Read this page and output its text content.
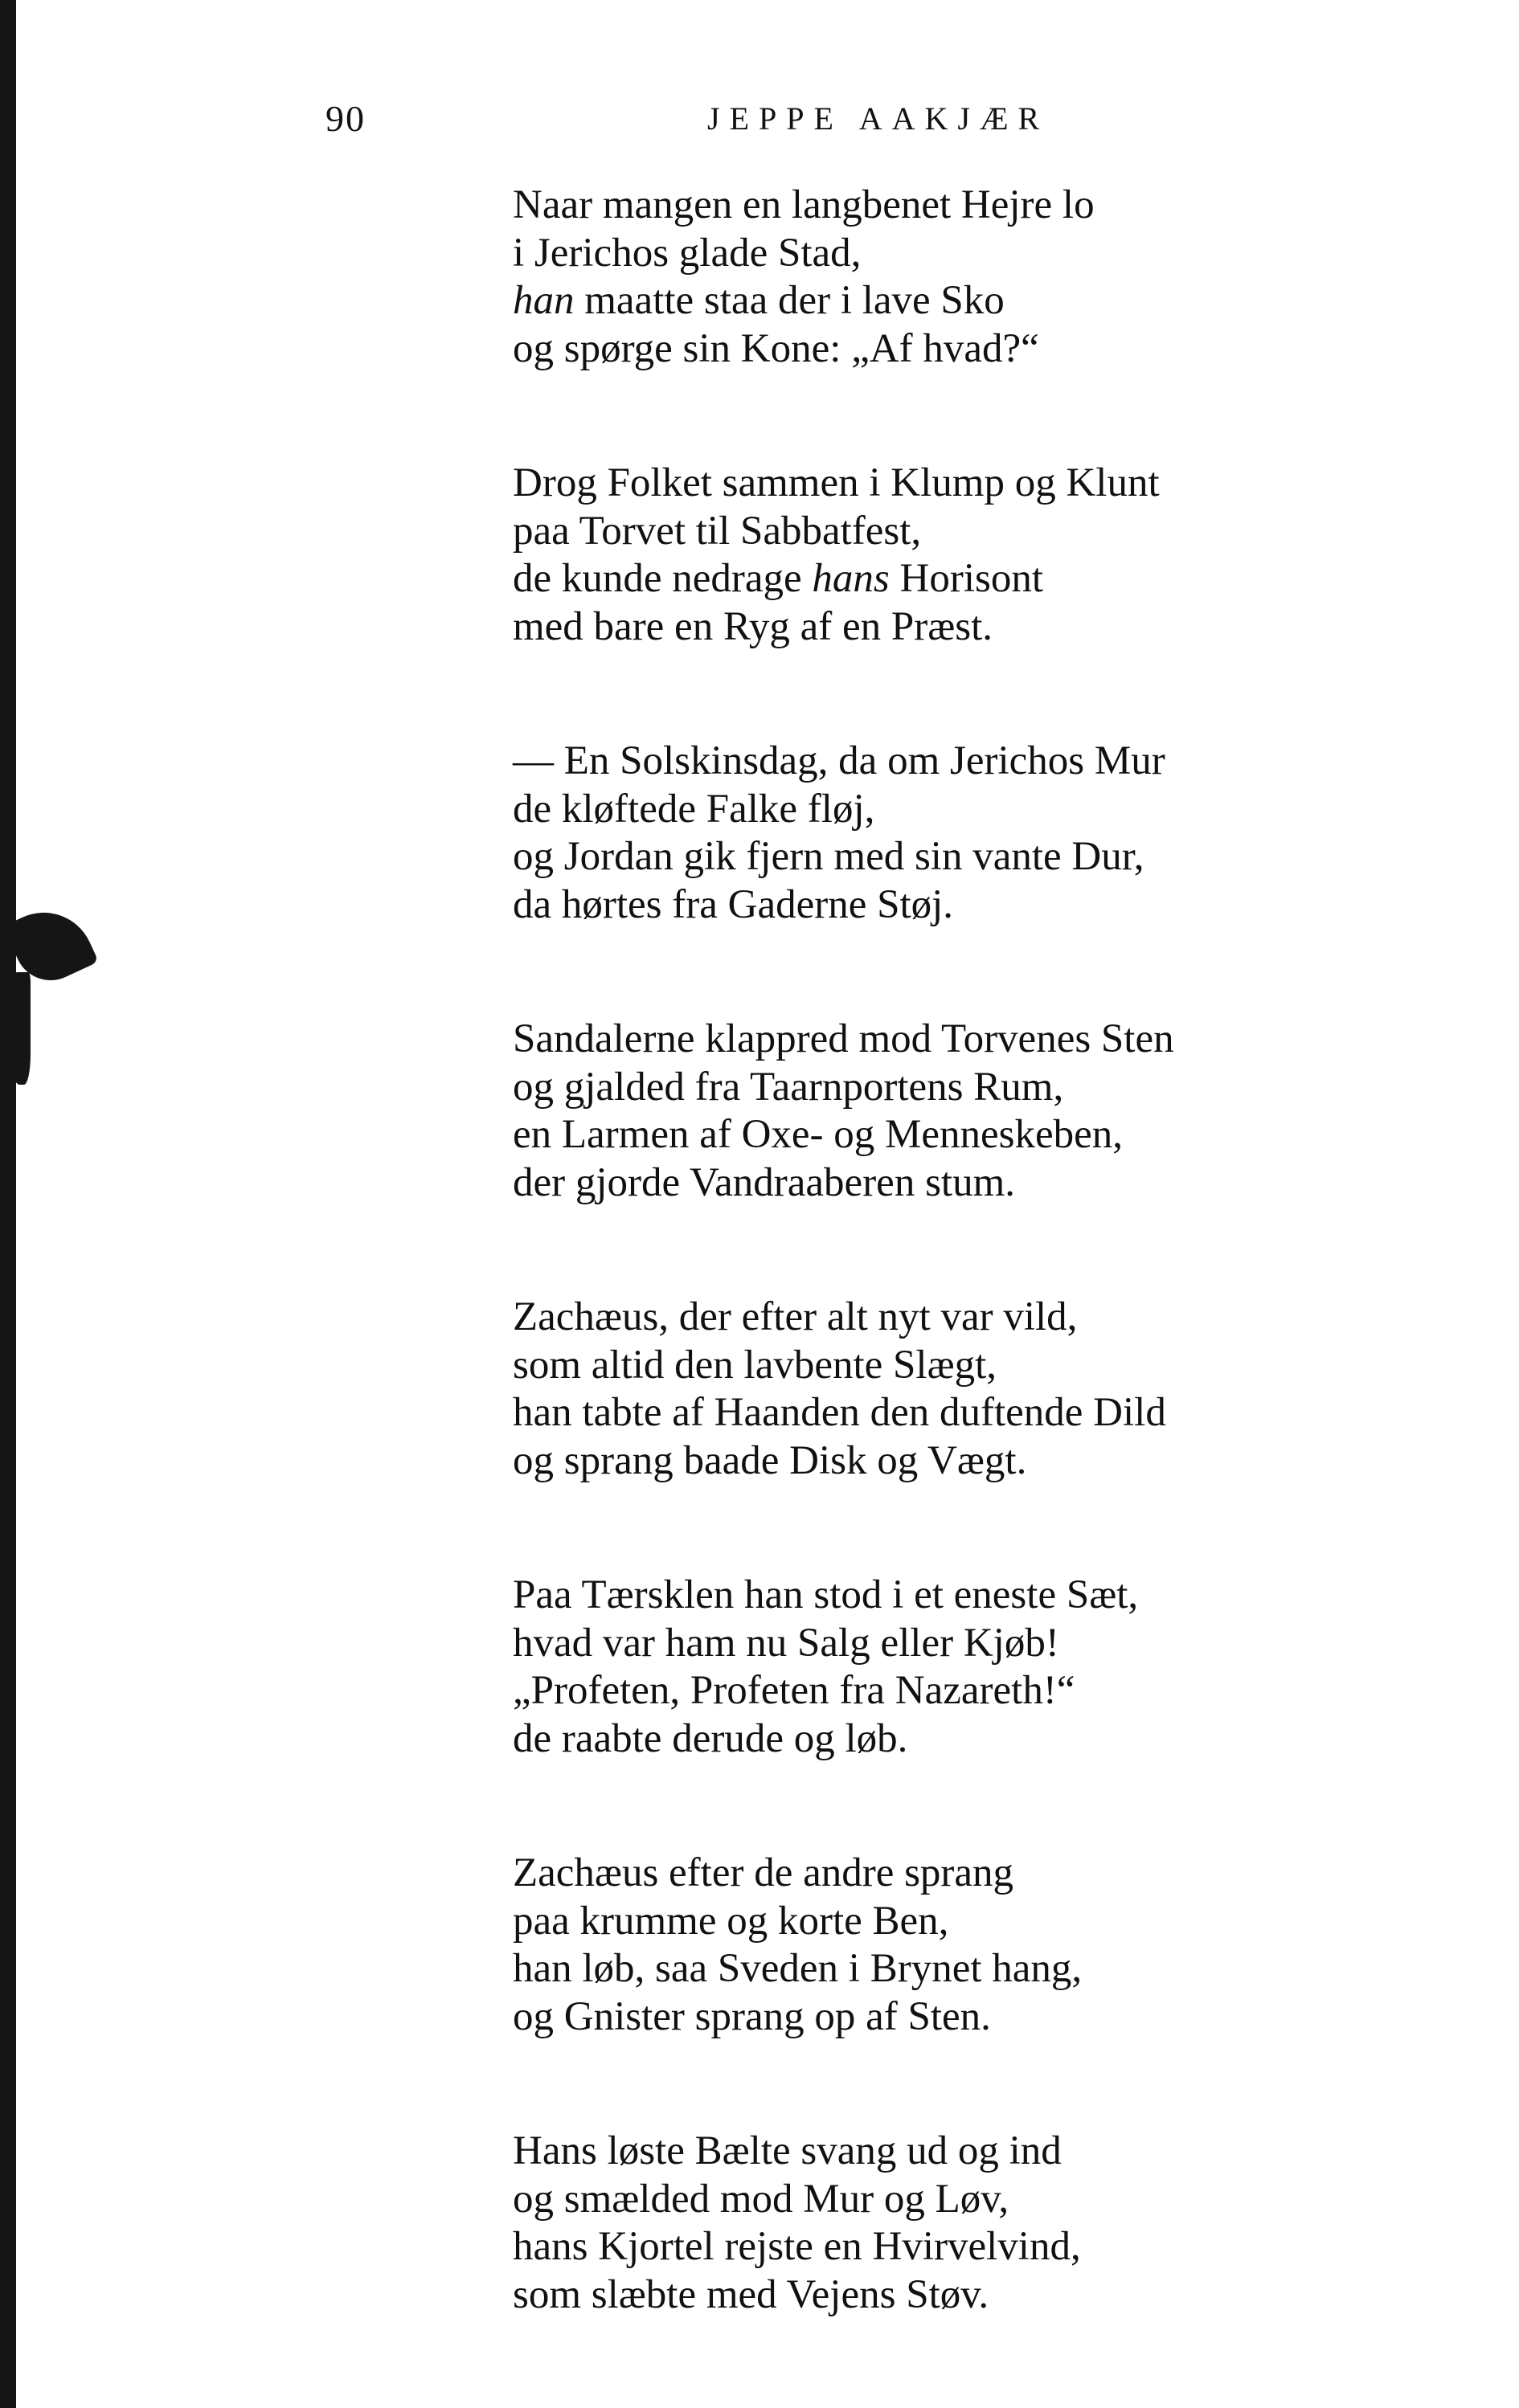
90	JEPPE AAKJÆR
Naar mangen en langbenet Hejre lo
i Jerichos glade Stad,
han maatte staa der i lave Sko
og spørge sin Kone: „Af hvad?“
Drog Folket sammen i Klump og Klunt
paa Torvet til Sabbatfest,
de kunde nedrage hans Horisont
med bare en Ryg af en Præst.
— En Solskinsdag, da om Jerichos Mur
de kløftede Falke fløj,
og Jordan gik fjern med sin vante Dur,
da hørtes fra Gaderne Støj.
Sandalerne klappred mod Torvenes Sten
og gjalded fra Taarnportens Rum,
en Larmen af Oxe- og Menneskeben,
der gjorde Vandraaberen stum.
Zachæus, der efter alt nyt var vild,
som altid den lavbente Slægt,
han tabte af Haanden den duftende Dild
og sprang baade Disk og Vægt.
Paa Tærsklen han stod i et eneste Sæt,
hvad var ham nu Salg eller Kjøb!
„Profeten, Profeten fra Nazareth!“
de raabte derude og løb.
Zachæus efter de andre sprang
paa krumme og korte Ben,
han løb, saa Sveden i Brynet hang,
og Gnister sprang op af Sten.
Hans løste Bælte svang ud og ind
og smælded mod Mur og Løv,
hans Kjortel rejste en Hvirvelvind,
som slæbte med Vejens Støv.
